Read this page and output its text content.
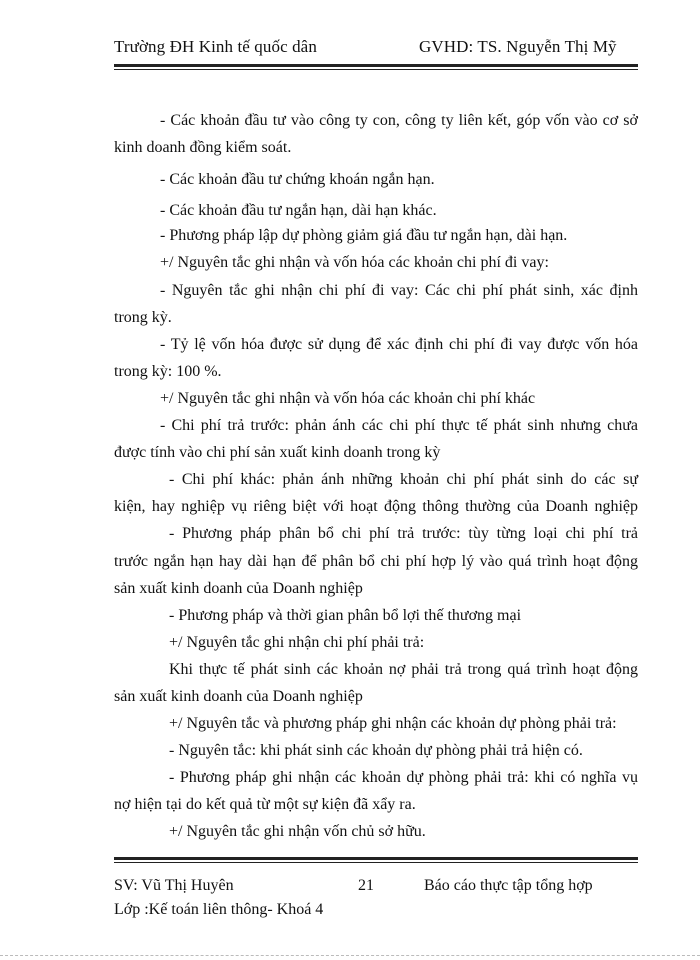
Trường ĐH Kinh tế quốc dân	GVHD: TS. Nguyễn Thị Mỹ
- Các khoản đầu tư vào công ty con, công ty liên kết, góp vốn vào cơ sở
kinh doanh đồng kiểm soát.
- Các khoản đầu tư chứng khoán ngắn hạn.
- Các khoản đầu tư ngắn hạn, dài hạn khác.
- Phương pháp lập dự phòng giảm giá đầu tư ngắn hạn, dài hạn.
+/ Nguyên tắc ghi nhận và vốn hóa các khoản chi phí đi vay:
- Nguyên tắc ghi nhận chi phí đi vay: Các chi phí phát sinh, xác định
trong kỳ.
- Tỷ lệ vốn hóa được sử dụng để xác định chi phí đi vay được vốn hóa
trong kỳ: 100 %.
+/ Nguyên tắc ghi nhận và vốn hóa các khoản chi phí khác
- Chi phí trả trước: phản ánh các chi phí thực tế phát sinh nhưng chưa
được tính vào chi phí sản xuất kinh doanh trong kỳ
- Chi phí khác: phản ánh những khoản chi phí phát sinh do các sự
kiện, hay nghiệp vụ riêng biệt với hoạt động thông thường của Doanh nghiệp
- Phương pháp phân bổ chi phí trả trước: tùy từng loại chi phí trả
trước ngắn hạn hay dài hạn để phân bổ chi phí hợp lý vào quá trình hoạt động
sản xuất kinh doanh của Doanh nghiệp
- Phương pháp và thời gian phân bổ lợi thế thương mại
+/ Nguyên tắc ghi nhận chi phí phải trả:
Khi thực tế phát sinh các khoản nợ phải trả trong quá trình hoạt động
sản xuất kinh doanh của Doanh nghiệp
+/ Nguyên tắc và phương pháp ghi nhận các khoản dự phòng phải trả:
- Nguyên tắc: khi phát sinh các khoản dự phòng phải trả hiện có.
- Phương pháp ghi nhận các khoản dự phòng phải trả: khi có nghĩa vụ
nợ hiện tại do kết quả từ một sự kiện đã xẩy ra.
+/ Nguyên tắc ghi nhận vốn chủ sở hữu.
SV: Vũ Thị Huyên	21	Báo cáo thực tập tổng hợp
Lớp :Kế toán liên thông- Khoá 4
